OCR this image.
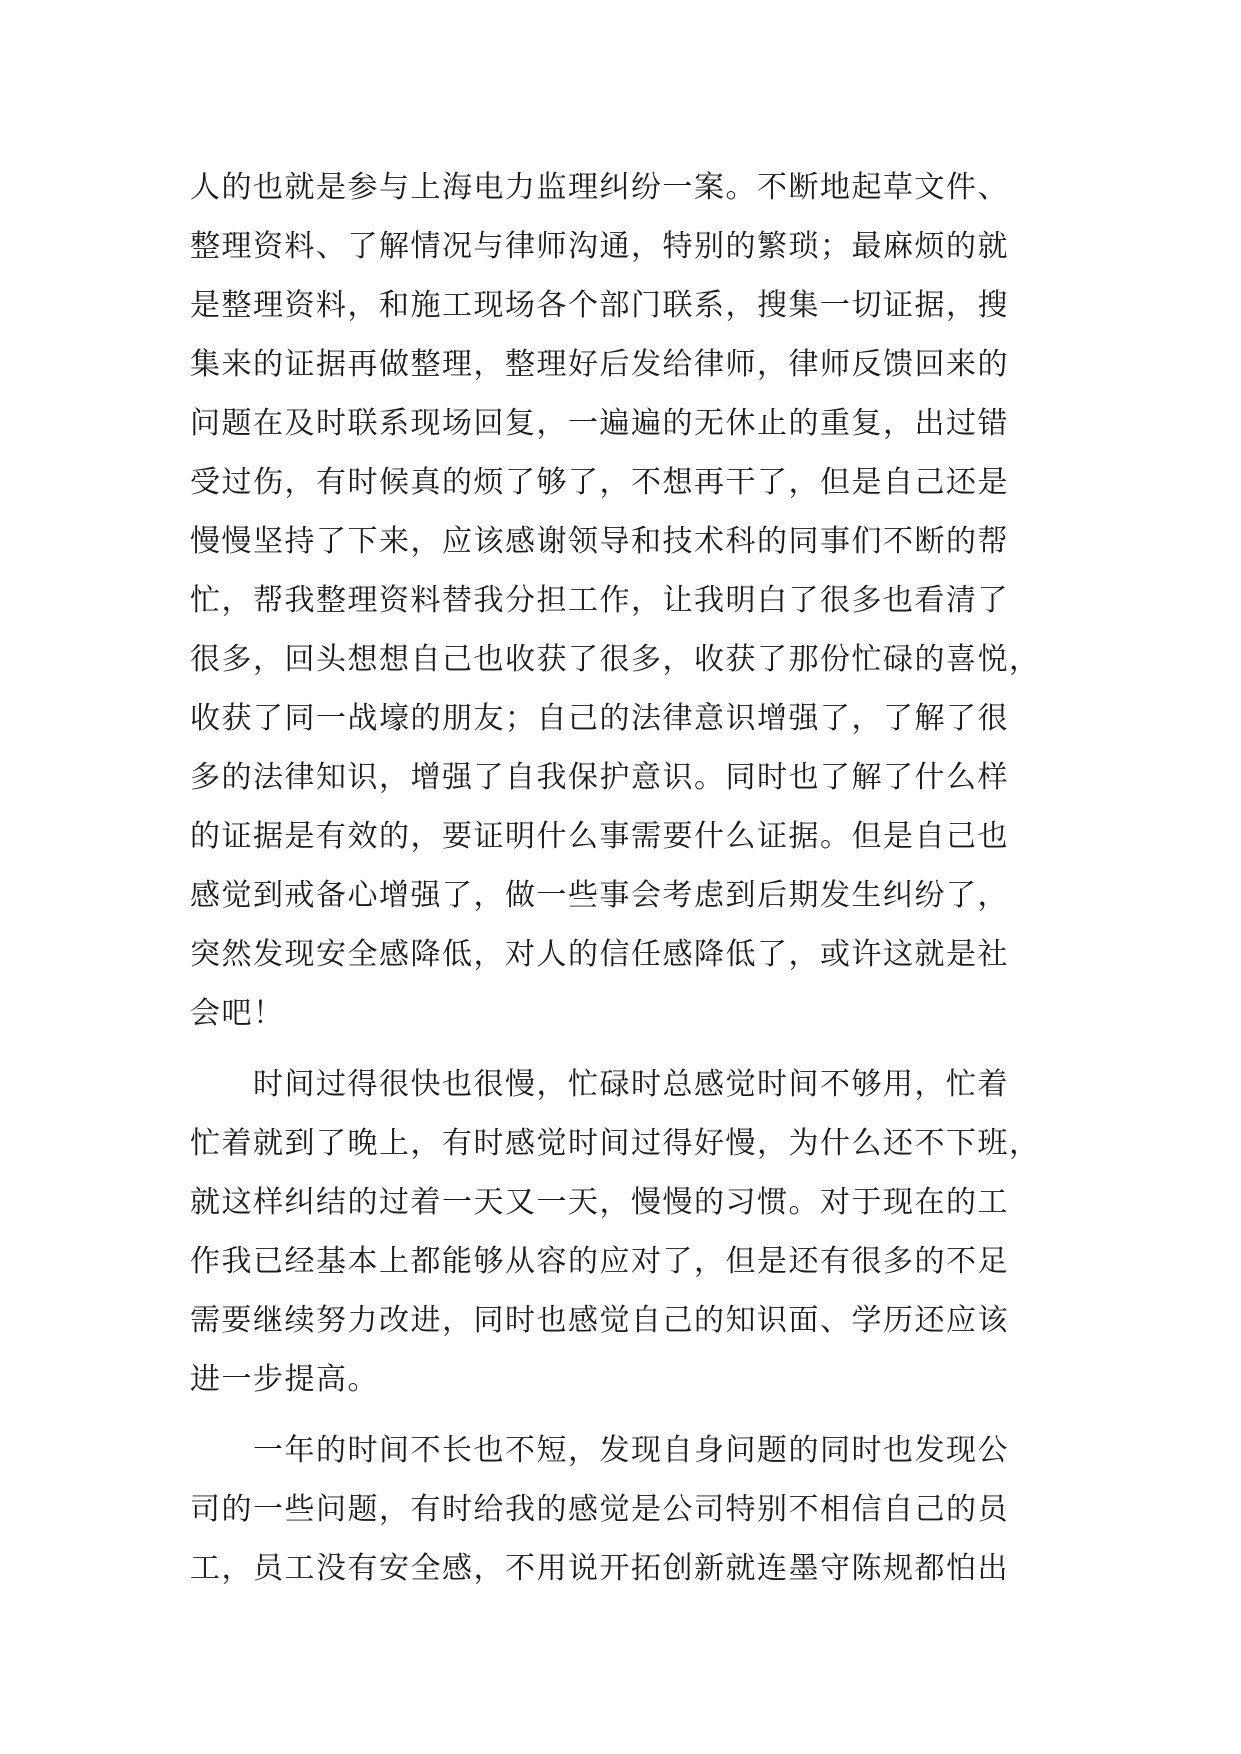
人的也就是参与上海电力监理纠纷一案。不断地起草文件、
整理资料、了解情况与律师沟通，特别的繁琐；最麻烦的就
是整理资料，和施工现场各个部门联系，搜集一切证据，搜
集来的证据再做整理，整理好后发给律师，律师反馈回来的
问题在及时联系现场回复，一遍遍的无休止的重复，出过错
受过伤，有时候真的烦了够了，不想再干了，但是自己还是
慢慢坚持了下来，应该感谢领导和技术科的同事们不断的帮
忙，帮我整理资料替我分担工作，让我明白了很多也看清了
很多，回头想想自己也收获了很多，收获了那份忙碌的喜悦，
收获了同一战壕的朋友；自己的法律意识增强了，了解了很
多的法律知识，增强了自我保护意识。同时也了解了什么样
的证据是有效的，要证明什么事需要什么证据。但是自己也
感觉到戒备心增强了，做一些事会考虑到后期发生纠纷了，
突然发现安全感降低，对人的信任感降低了，或许这就是社
会吧！
　　时间过得很快也很慢，忙碌时总感觉时间不够用，忙着
忙着就到了晚上，有时感觉时间过得好慢，为什么还不下班，
就这样纠结的过着一天又一天，慢慢的习惯。对于现在的工
作我已经基本上都能够从容的应对了，但是还有很多的不足
需要继续努力改进，同时也感觉自己的知识面、学历还应该
进一步提高。
　　一年的时间不长也不短，发现自身问题的同时也发现公
司的一些问题，有时给我的感觉是公司特别不相信自己的员
工，员工没有安全感，不用说开拓创新就连墨守陈规都怕出
